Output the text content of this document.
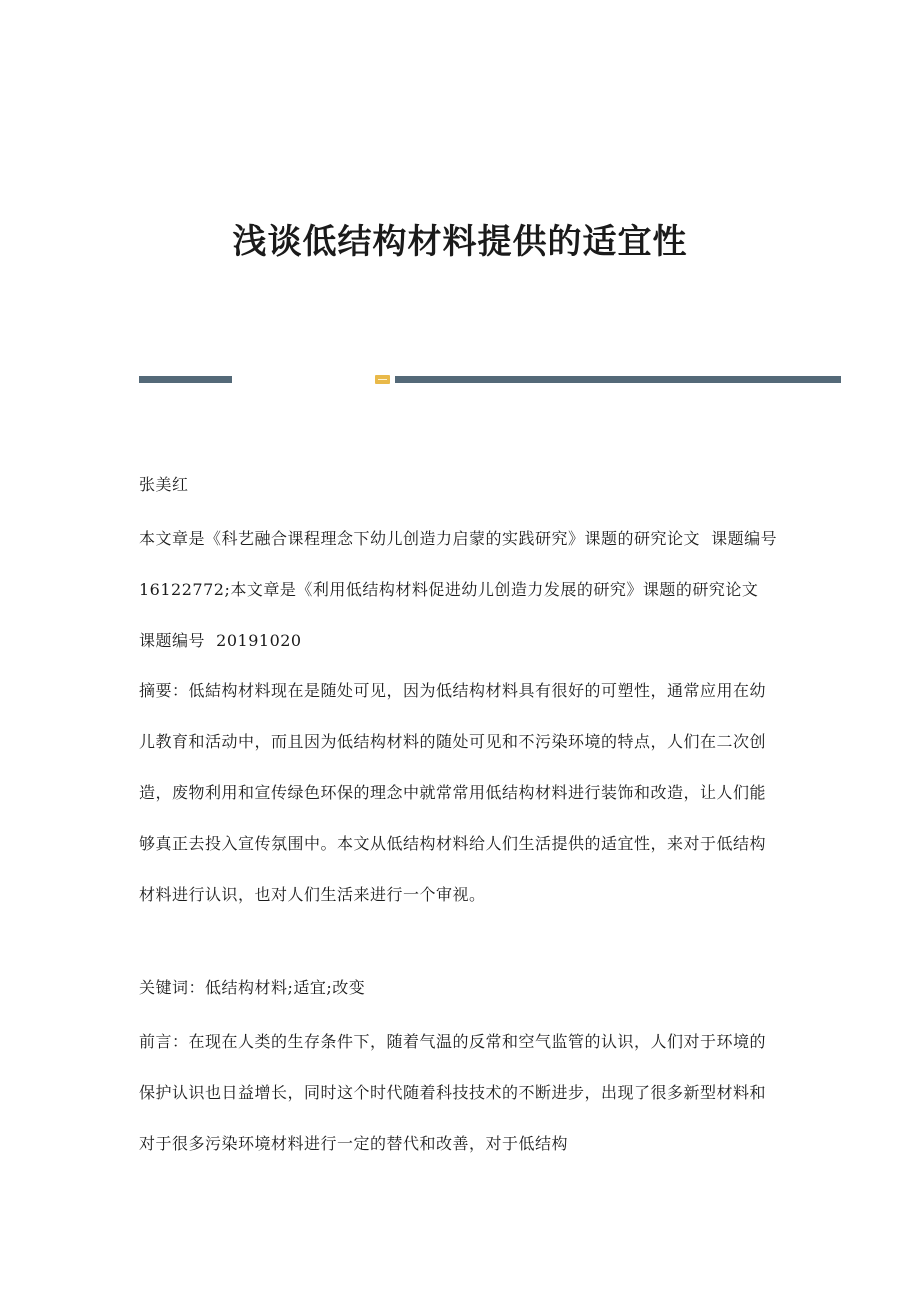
浅谈低结构材料提供的适宜性

张美红

本文章是《科艺融合课程理念下幼儿创造力启蒙的实践研究》课题的研究论文  课题编号  16122772;本文章是《利用低结构材料促进幼儿创造力发展的研究》课题的研究论文  课题编号  20191020

摘要：低結构材料现在是随处可见，因为低结构材料具有很好的可塑性，通常应用在幼儿教育和活动中，而且因为低结构材料的随处可见和不污染环境的特点，人们在二次创造，废物利用和宣传绿色环保的理念中就常常用低结构材料进行装饰和改造，让人们能够真正去投入宣传氛围中。本文从低结构材料给人们生活提供的适宜性，来对于低结构材料进行认识，也对人们生活来进行一个审视。

关键词：低结构材料;适宜;改变

前言：在现在人类的生存条件下，随着气温的反常和空气监管的认识，人们对于环境的保护认识也日益增长，同时这个时代随着科技技术的不断进步，出现了很多新型材料和对于很多污染环境材料进行一定的替代和改善，对于低结构
